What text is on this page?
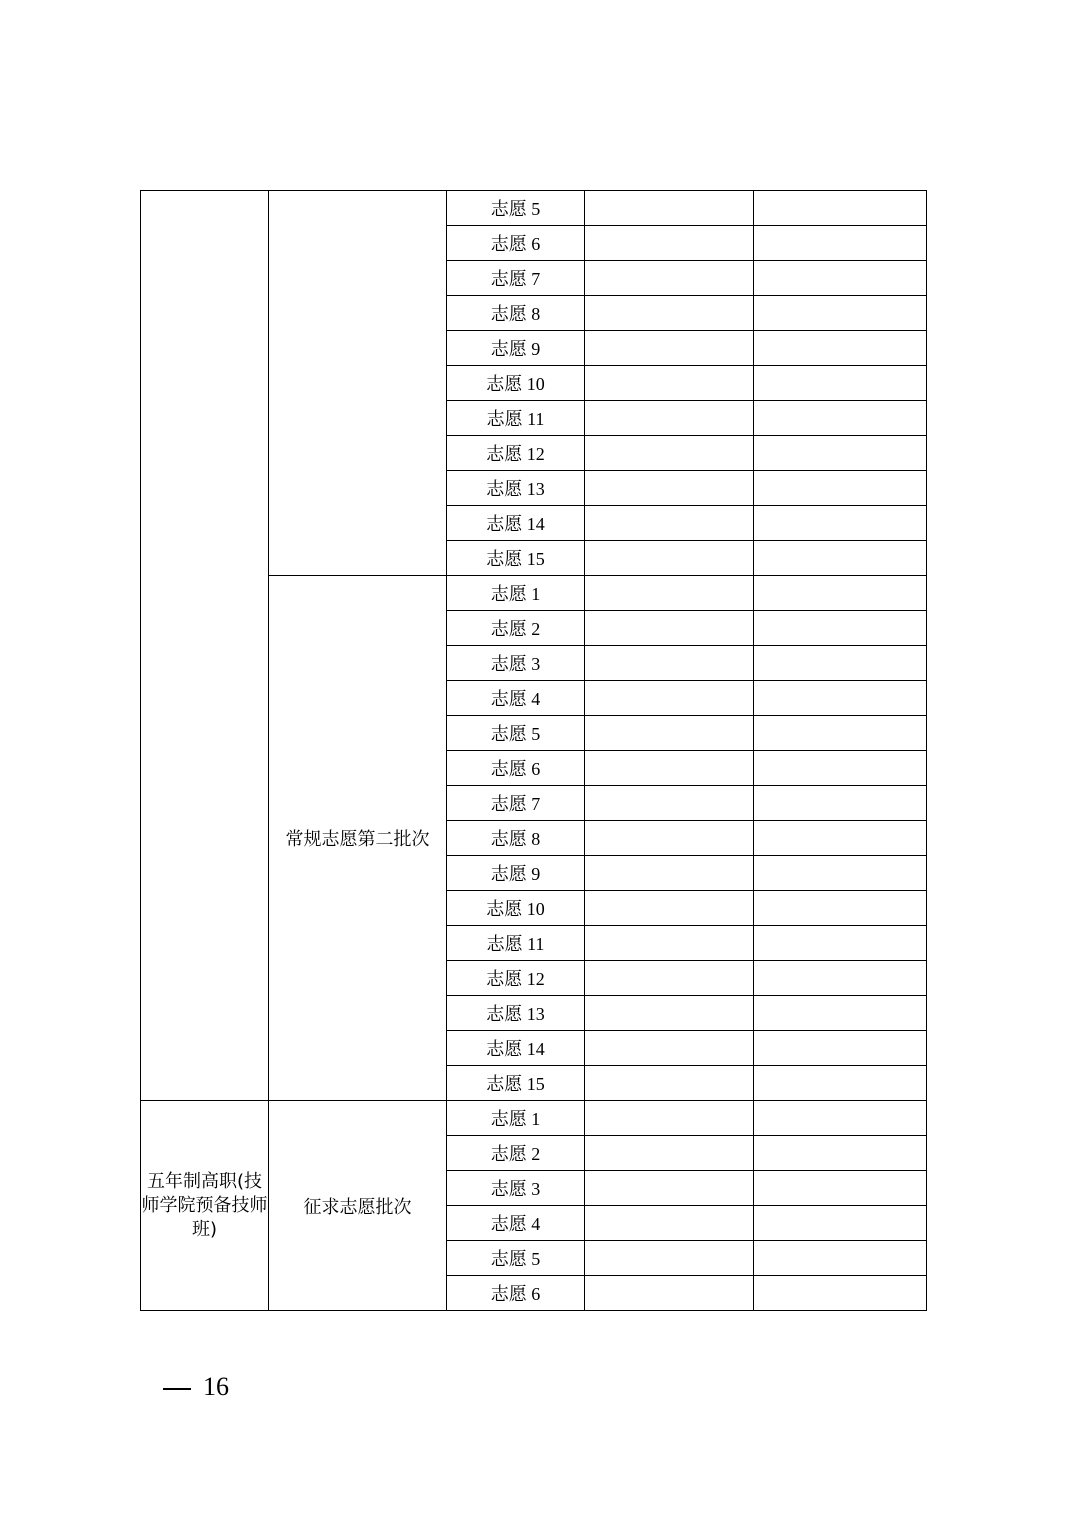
		志愿 5		
		志愿 6		
		志愿 7		
		志愿 8		
		志愿 9		
		志愿 10		
		志愿 11		
		志愿 12		
		志愿 13		
		志愿 14		
		志愿 15		
	常规志愿第二批次	志愿 1		
		志愿 2		
		志愿 3		
		志愿 4		
		志愿 5		
		志愿 6		
		志愿 7		
		志愿 8		
		志愿 9		
		志愿 10		
		志愿 11		
		志愿 12		
		志愿 13		
		志愿 14		
		志愿 15		
五年制高职(技师学院预备技师班)	征求志愿批次	志愿 1		
		志愿 2		
		志愿 3		
		志愿 4		
		志愿 5		
		志愿 6		
16
